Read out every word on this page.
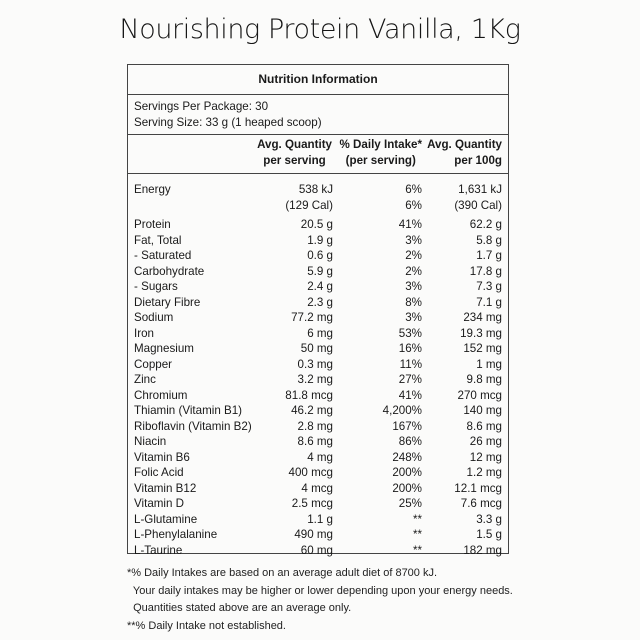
Nourishing Protein Vanilla, 1Kg
Nutrition Information
Servings Per Package: 30
Serving Size: 33 g (1 heaped scoop)
Avg. Quantity
per serving
% Daily Intake*
(per serving)
Avg. Quantity
per 100g
Energy	538 kJ	6%	1,631 kJ
(129 Cal)	6%	(390 Cal)
Protein	20.5 g	41%	62.2 g
Fat, Total	1.9 g	3%	5.8 g
- Saturated	0.6 g	2%	1.7 g
Carbohydrate	5.9 g	2%	17.8 g
- Sugars	2.4 g	3%	7.3 g
Dietary Fibre	2.3 g	8%	7.1 g
Sodium	77.2 mg	3%	234 mg
Iron	6 mg	53%	19.3 mg
Magnesium	50 mg	16%	152 mg
Copper	0.3 mg	11%	1 mg
Zinc	3.2 mg	27%	9.8 mg
Chromium	81.8 mcg	41%	270 mcg
Thiamin (Vitamin B1)	46.2 mg	4,200%	140 mg
Riboflavin (Vitamin B2)	2.8 mg	167%	8.6 mg
Niacin	8.6 mg	86%	26 mg
Vitamin B6	4 mg	248%	12 mg
Folic Acid	400 mcg	200%	1.2 mg
Vitamin B12	4 mcg	200%	12.1 mcg
Vitamin D	2.5 mcg	25%	7.6 mcg
L-Glutamine	1.1 g	**	3.3 g
L-Phenylalanine	490 mg	**	1.5 g
L-Taurine	60 mg	**	182 mg
*% Daily Intakes are based on an average adult diet of 8700 kJ.
Your daily intakes may be higher or lower depending upon your energy needs.
Quantities stated above are an average only.
**% Daily Intake not established.
